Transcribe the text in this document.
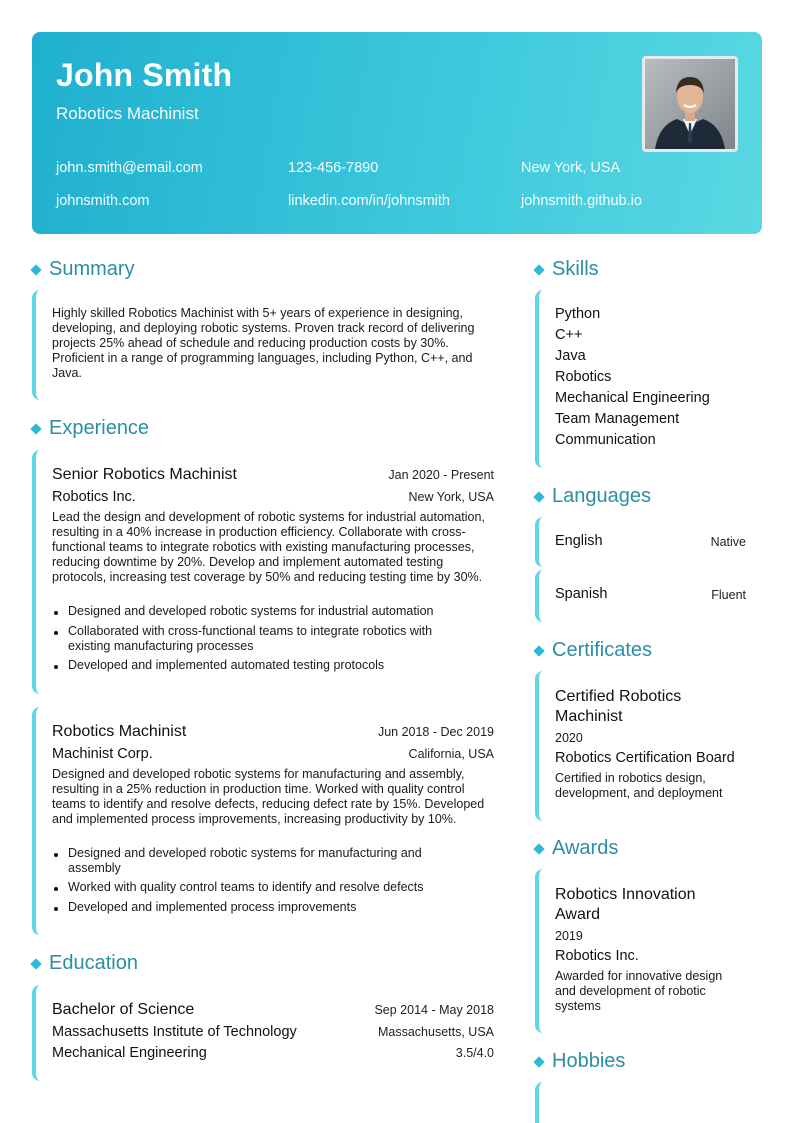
John Smith
Robotics Machinist
john.smith@email.com	123-456-7890	New York, USA
johnsmith.com	linkedin.com/in/johnsmith	johnsmith.github.io
Summary
Highly skilled Robotics Machinist with 5+ years of experience in designing, developing, and deploying robotic systems. Proven track record of delivering projects 25% ahead of schedule and reducing production costs by 30%. Proficient in a range of programming languages, including Python, C++, and Java.
Experience
Senior Robotics Machinist	Jan 2020 - Present
Robotics Inc.	New York, USA
Lead the design and development of robotic systems for industrial automation, resulting in a 40% increase in production efficiency. Collaborate with cross-functional teams to integrate robotics with existing manufacturing processes, reducing downtime by 20%. Develop and implement automated testing protocols, increasing test coverage by 50% and reducing testing time by 30%.
Designed and developed robotic systems for industrial automation
Collaborated with cross-functional teams to integrate robotics with existing manufacturing processes
Developed and implemented automated testing protocols
Robotics Machinist	Jun 2018 - Dec 2019
Machinist Corp.	California, USA
Designed and developed robotic systems for manufacturing and assembly, resulting in a 25% reduction in production time. Worked with quality control teams to identify and resolve defects, reducing defect rate by 15%. Developed and implemented process improvements, increasing productivity by 10%.
Designed and developed robotic systems for manufacturing and assembly
Worked with quality control teams to identify and resolve defects
Developed and implemented process improvements
Education
Bachelor of Science	Sep 2014 - May 2018
Massachusetts Institute of Technology	Massachusetts, USA
Mechanical Engineering	3.5/4.0
Skills
Python
C++
Java
Robotics
Mechanical Engineering
Team Management
Communication
Languages
English	Native
Spanish	Fluent
Certificates
Certified Robotics
Machinist
2020
Robotics Certification Board
Certified in robotics design, development, and deployment
Awards
Robotics Innovation
Award
2019
Robotics Inc.
Awarded for innovative design and development of robotic systems
Hobbies
